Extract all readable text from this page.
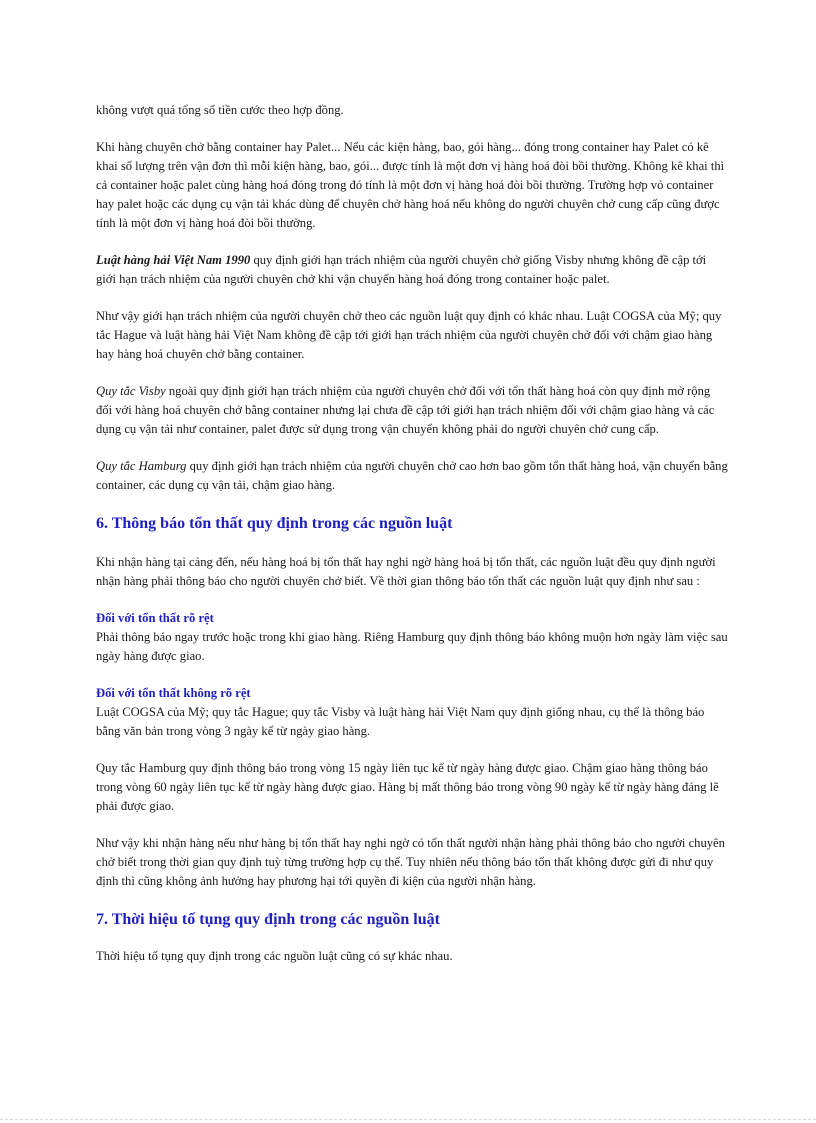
không vượt quá tổng số tiền cước theo hợp đồng.

Khi hàng chuyên chở bằng container hay Palet... Nếu các kiện hàng, bao, gói hàng... đóng trong container hay Palet có kê khai số lượng trên vận đơn thì mỗi kiện hàng, bao, gói... được tính là một đơn vị hàng hoá đòi bồi thường. Không kê khai thì cả container hoặc palet cùng hàng hoá đóng trong đó tính là một đơn vị hàng hoá đòi bồi thường. Trường hợp vỏ container hay palet hoặc các dụng cụ vận tải khác dùng để chuyên chở hàng hoá nếu không do người chuyên chở cung cấp cũng được tính là một đơn vị hàng hoá đòi bồi thường.

Luật hàng hải Việt Nam 1990 quy định giới hạn trách nhiệm của người chuyên chở giống Visby nhưng không đề cập tới giới hạn trách nhiệm của người chuyên chở khi vận chuyển hàng hoá đóng trong container hoặc palet.

Như vậy giới hạn trách nhiệm của người chuyên chở theo các nguồn luật quy định có khác nhau. Luật COGSA của Mỹ; quy tắc Hague và luật hàng hải Việt Nam không đề cập tới giới hạn trách nhiệm của người chuyên chở đối với chậm giao hàng hay hàng hoá chuyên chở bằng container.

Quy tắc Visby ngoài quy định giới hạn trách nhiệm của người chuyên chở đối với tổn thất hàng hoá còn quy định mở rộng đối với hàng hoá chuyên chở bằng container nhưng lại chưa đề cập tới giới hạn trách nhiệm đối với chậm giao hàng và các dụng cụ vận tải như container, palet được sử dụng trong vận chuyển không phải do người chuyên chở cung cấp.

Quy tắc Hamburg quy định giới hạn trách nhiệm của người chuyên chở cao hơn bao gồm tổn thất hàng hoá, vận chuyển bằng container, các dụng cụ vận tải, chậm giao hàng.

6. Thông báo tổn thất quy định trong các nguồn luật

Khi nhận hàng tại cảng đến, nếu hàng hoá bị tổn thất hay nghi ngờ hàng hoá bị tổn thất, các nguồn luật đều quy định người nhận hàng phải thông báo cho người chuyên chở biết. Về thời gian thông báo tổn thất các nguồn luật quy định như sau :

Đối với tổn thất rõ rệt

Phải thông báo ngay trước hoặc trong khi giao hàng. Riêng Hamburg quy định thông báo không muộn hơn ngày làm việc sau ngày hàng được giao.

Đối với tổn thất không rõ rệt

Luật COGSA của Mỹ; quy tắc Hague; quy tắc Visby và luật hàng hải Việt Nam quy định giống nhau, cụ thể là thông báo bằng văn bản trong vòng 3 ngày kể từ ngày giao hàng.

Quy tắc Hamburg quy định thông báo trong vòng 15 ngày liên tục kể từ ngày hàng được giao. Chậm giao hàng thông báo trong vòng 60 ngày liên tục kể từ ngày hàng được giao. Hàng bị mất thông báo trong vòng 90 ngày kể từ ngày hàng đáng lẽ phải được giao.

Như vậy khi nhận hàng nếu như hàng bị tổn thất hay nghi ngờ có tổn thất người nhận hàng phải thông báo cho người chuyên chở biết trong thời gian quy định tuỳ từng trường hợp cụ thể. Tuy nhiên nếu thông báo tổn thất không được gửi đi như quy định thì cũng không ảnh hưởng hay phương hại tới quyền đi kiện của người nhận hàng.

7. Thời hiệu tố tụng quy định trong các nguồn luật

Thời hiệu tố tụng quy định trong các nguồn luật cũng có sự khác nhau.
